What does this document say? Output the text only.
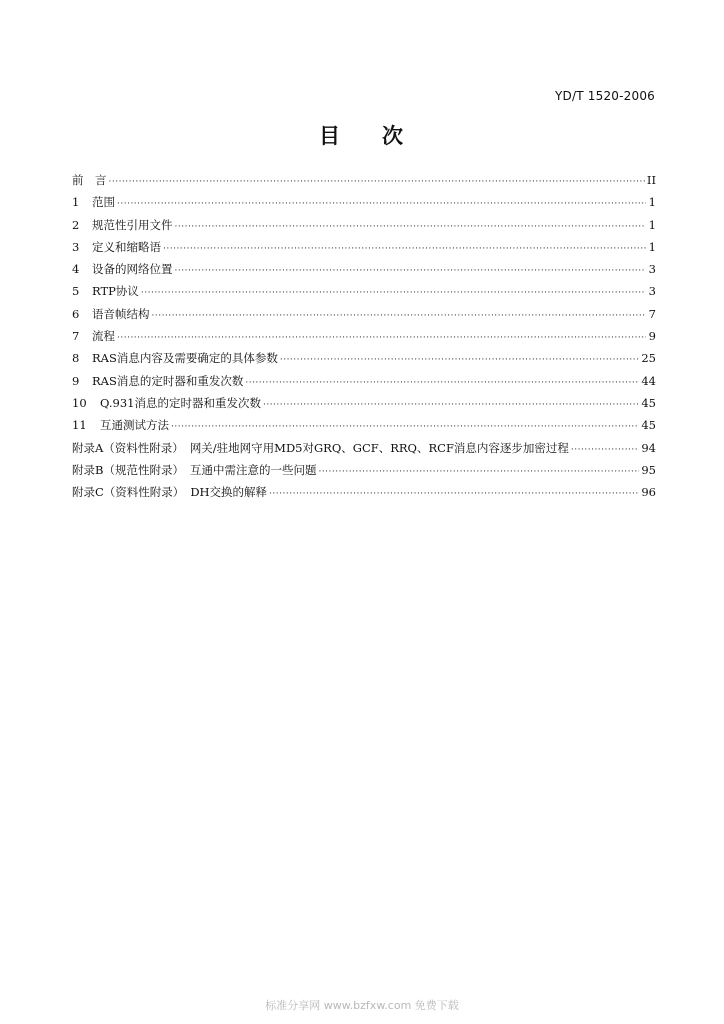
YD/T 1520-2006
目 次
前　言 ·····	II
1	范围 ·····	1
2	规范性引用文件 ·····	1
3	定义和缩略语 ·····	1
4	设备的网络位置 ·····	3
5	RTP协议 ·····	3
6	语音帧结构 ·····	7
7	流程 ·····	9
8	RAS消息内容及需要确定的具体参数 ·····	25
9	RAS消息的定时器和重发次数 ·····	44
10	Q.931消息的定时器和重发次数 ·····	45
11	互通测试方法 ·····	45
附录A（资料性附录） 网关/驻地网守用MD5对GRQ、GCF、RRQ、RCF消息内容逐步加密过程 ·····	94
附录B（规范性附录） 互通中需注意的一些问题 ·····	95
附录C（资料性附录） DH交换的解释 ·····	96
标准分享网 www.bzfxw.com 免费下载
